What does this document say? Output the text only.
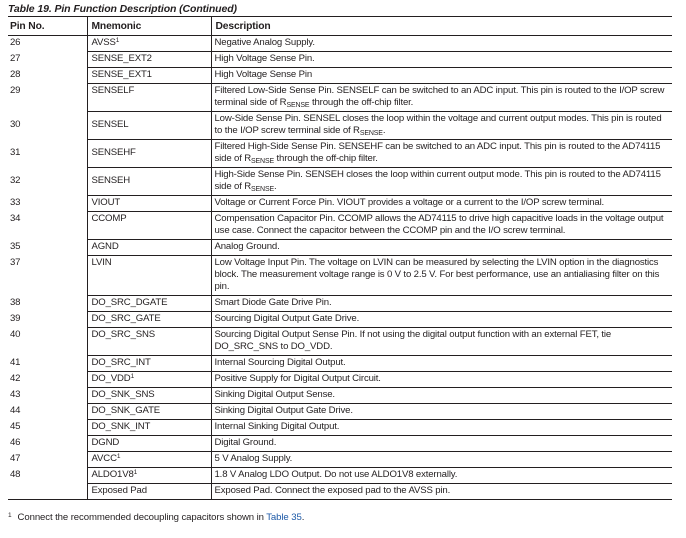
Table 19. Pin Function Description (Continued)
Pin No.	Mnemonic	Description
26	AVSS$^1$	Negative Analog Supply.
27	SENSE_EXT2	High Voltage Sense Pin.
28	SENSE_EXT1	High Voltage Sense Pin
29	SENSELF	Filtered Low-Side Sense Pin. SENSELF can be switched to an ADC input. This pin is routed to the I/OP screw terminal side of $R_{SENSE}$ through the off-chip filter.
30	SENSEL	Low-Side Sense Pin. SENSEL closes the loop within the voltage and current output modes. This pin is routed to the I/OP screw terminal side of $R_{SENSE}$.
31	SENSEHF	Filtered High-Side Sense Pin. SENSEHF can be switched to an ADC input. This pin is routed to the AD74115 side of $R_{SENSE}$ through the off-chip filter.
32	SENSEH	High-Side Sense Pin. SENSEH closes the loop within current output mode. This pin is routed to the AD74115 side of $R_{SENSE}$.
33	VIOUT	Voltage or Current Force Pin. VIOUT provides a voltage or a current to the I/OP screw terminal.
34	CCOMP	Compensation Capacitor Pin. CCOMP allows the AD74115 to drive high capacitive loads in the voltage output use case. Connect the capacitor between the CCOMP pin and the I/O screw terminal.
35	AGND	Analog Ground.
37	LVIN	Low Voltage Input Pin. The voltage on LVIN can be measured by selecting the LVIN option in the diagnostics block. The measurement voltage range is 0 V to 2.5 V. For best performance, use an antialiasing filter on this pin.
38	DO_SRC_DGATE	Smart Diode Gate Drive Pin.
39	DO_SRC_GATE	Sourcing Digital Output Gate Drive.
40	DO_SRC_SNS	Sourcing Digital Output Sense Pin. If not using the digital output function with an external FET, tie DO_SRC_SNS to DO_VDD.
41	DO_SRC_INT	Internal Sourcing Digital Output.
42	DO_VDD$^1$	Positive Supply for Digital Output Circuit.
43	DO_SNK_SNS	Sinking Digital Output Sense.
44	DO_SNK_GATE	Sinking Digital Output Gate Drive.
45	DO_SNK_INT	Internal Sinking Digital Output.
46	DGND	Digital Ground.
47	AVCC$^1$	5 V Analog Supply.
48	$ALDO1V8^1$	1.8 V Analog LDO Output. Do not use ALDO1V8 externally.
	Exposed Pad	Exposed Pad. Connect the exposed pad to the AVSS pin.
$^1$ Connect the recommended decoupling capacitors shown in Table 35.
